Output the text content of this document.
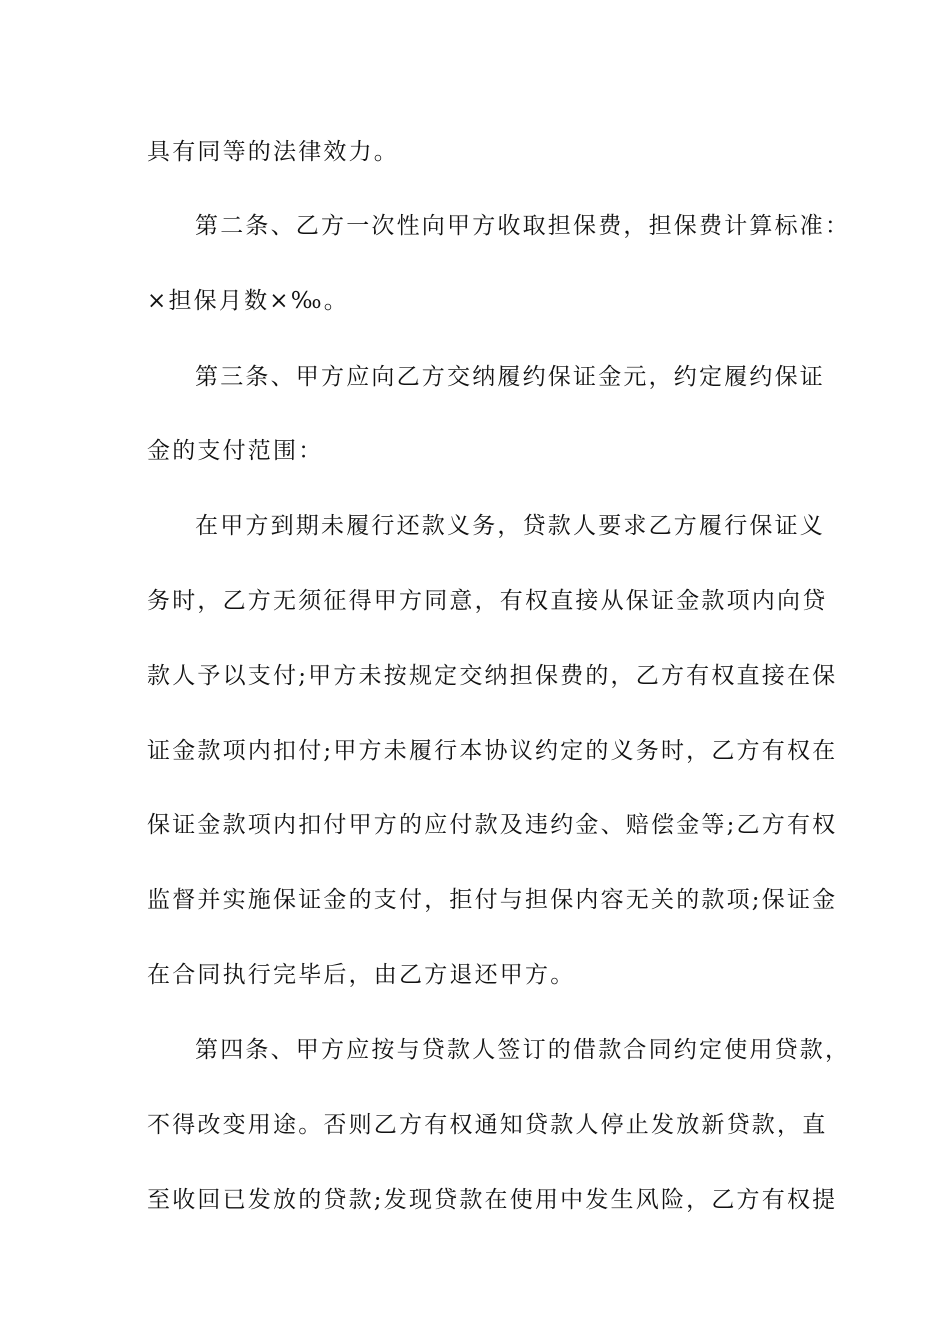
具有同等的法律效力。
第二条、乙方一次性向甲方收取担保费，担保费计算标准：
×担保月数×‰。
第三条、甲方应向乙方交纳履约保证金元，约定履约保证
金的支付范围：
在甲方到期未履行还款义务，贷款人要求乙方履行保证义
务时，乙方无须征得甲方同意，有权直接从保证金款项内向贷
款人予以支付;甲方未按规定交纳担保费的，乙方有权直接在保
证金款项内扣付;甲方未履行本协议约定的义务时，乙方有权在
保证金款项内扣付甲方的应付款及违约金、赔偿金等;乙方有权
监督并实施保证金的支付，拒付与担保内容无关的款项;保证金
在合同执行完毕后，由乙方退还甲方。
第四条、甲方应按与贷款人签订的借款合同约定使用贷款，
不得改变用途。否则乙方有权通知贷款人停止发放新贷款，直
至收回已发放的贷款;发现贷款在使用中发生风险，乙方有权提
